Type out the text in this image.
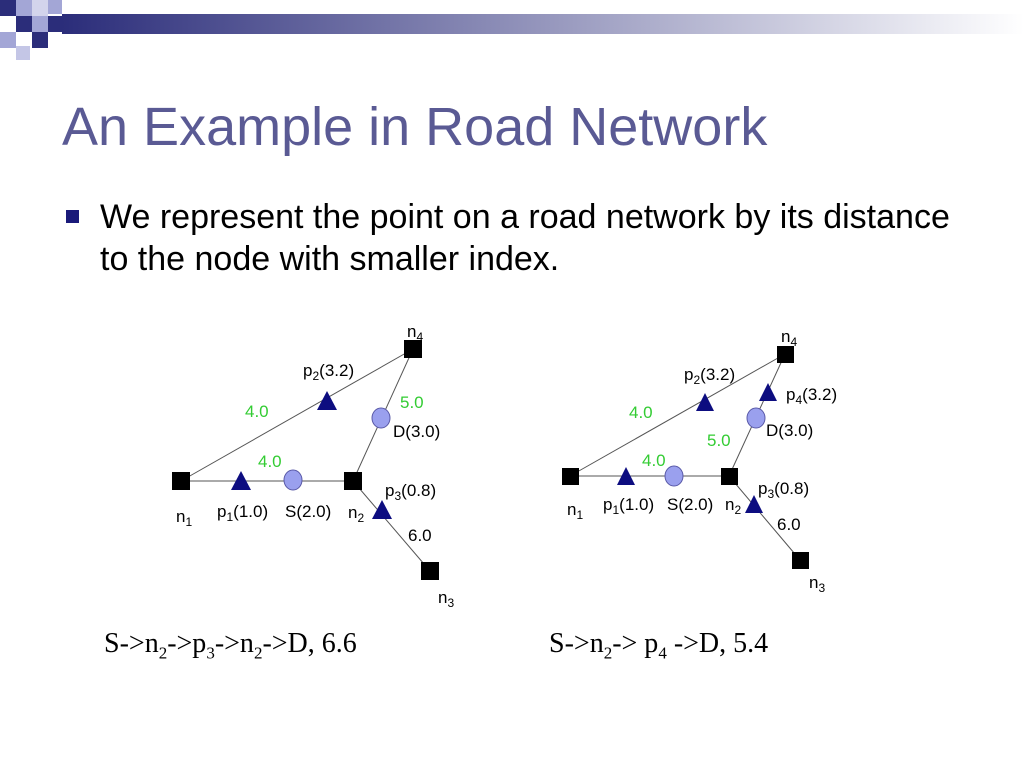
An Example in Road Network
We represent the point on a road network by its distance to the node with smaller index.
$n_4$
$n_1$	$n_2$
$n_3$
$p_2(3.2)$
$p_1(1.0)$
$p_3(0.8)$
S(2.0)
D(3.0)
4.0
4.0
5.0
6.0
$n_4$
$n_1$
$n_2$
$n_3$
$p_2(3.2)$
$p_4(3.2)$
$p_1(1.0)$
$p_3(0.8)$
S(2.0)
D(3.0)
4.0
4.0
5.0
6.0
$S->n_2->p_3->n_2->D$, 6.6	$S->n_2-> p_4$ ->D, 5.4
